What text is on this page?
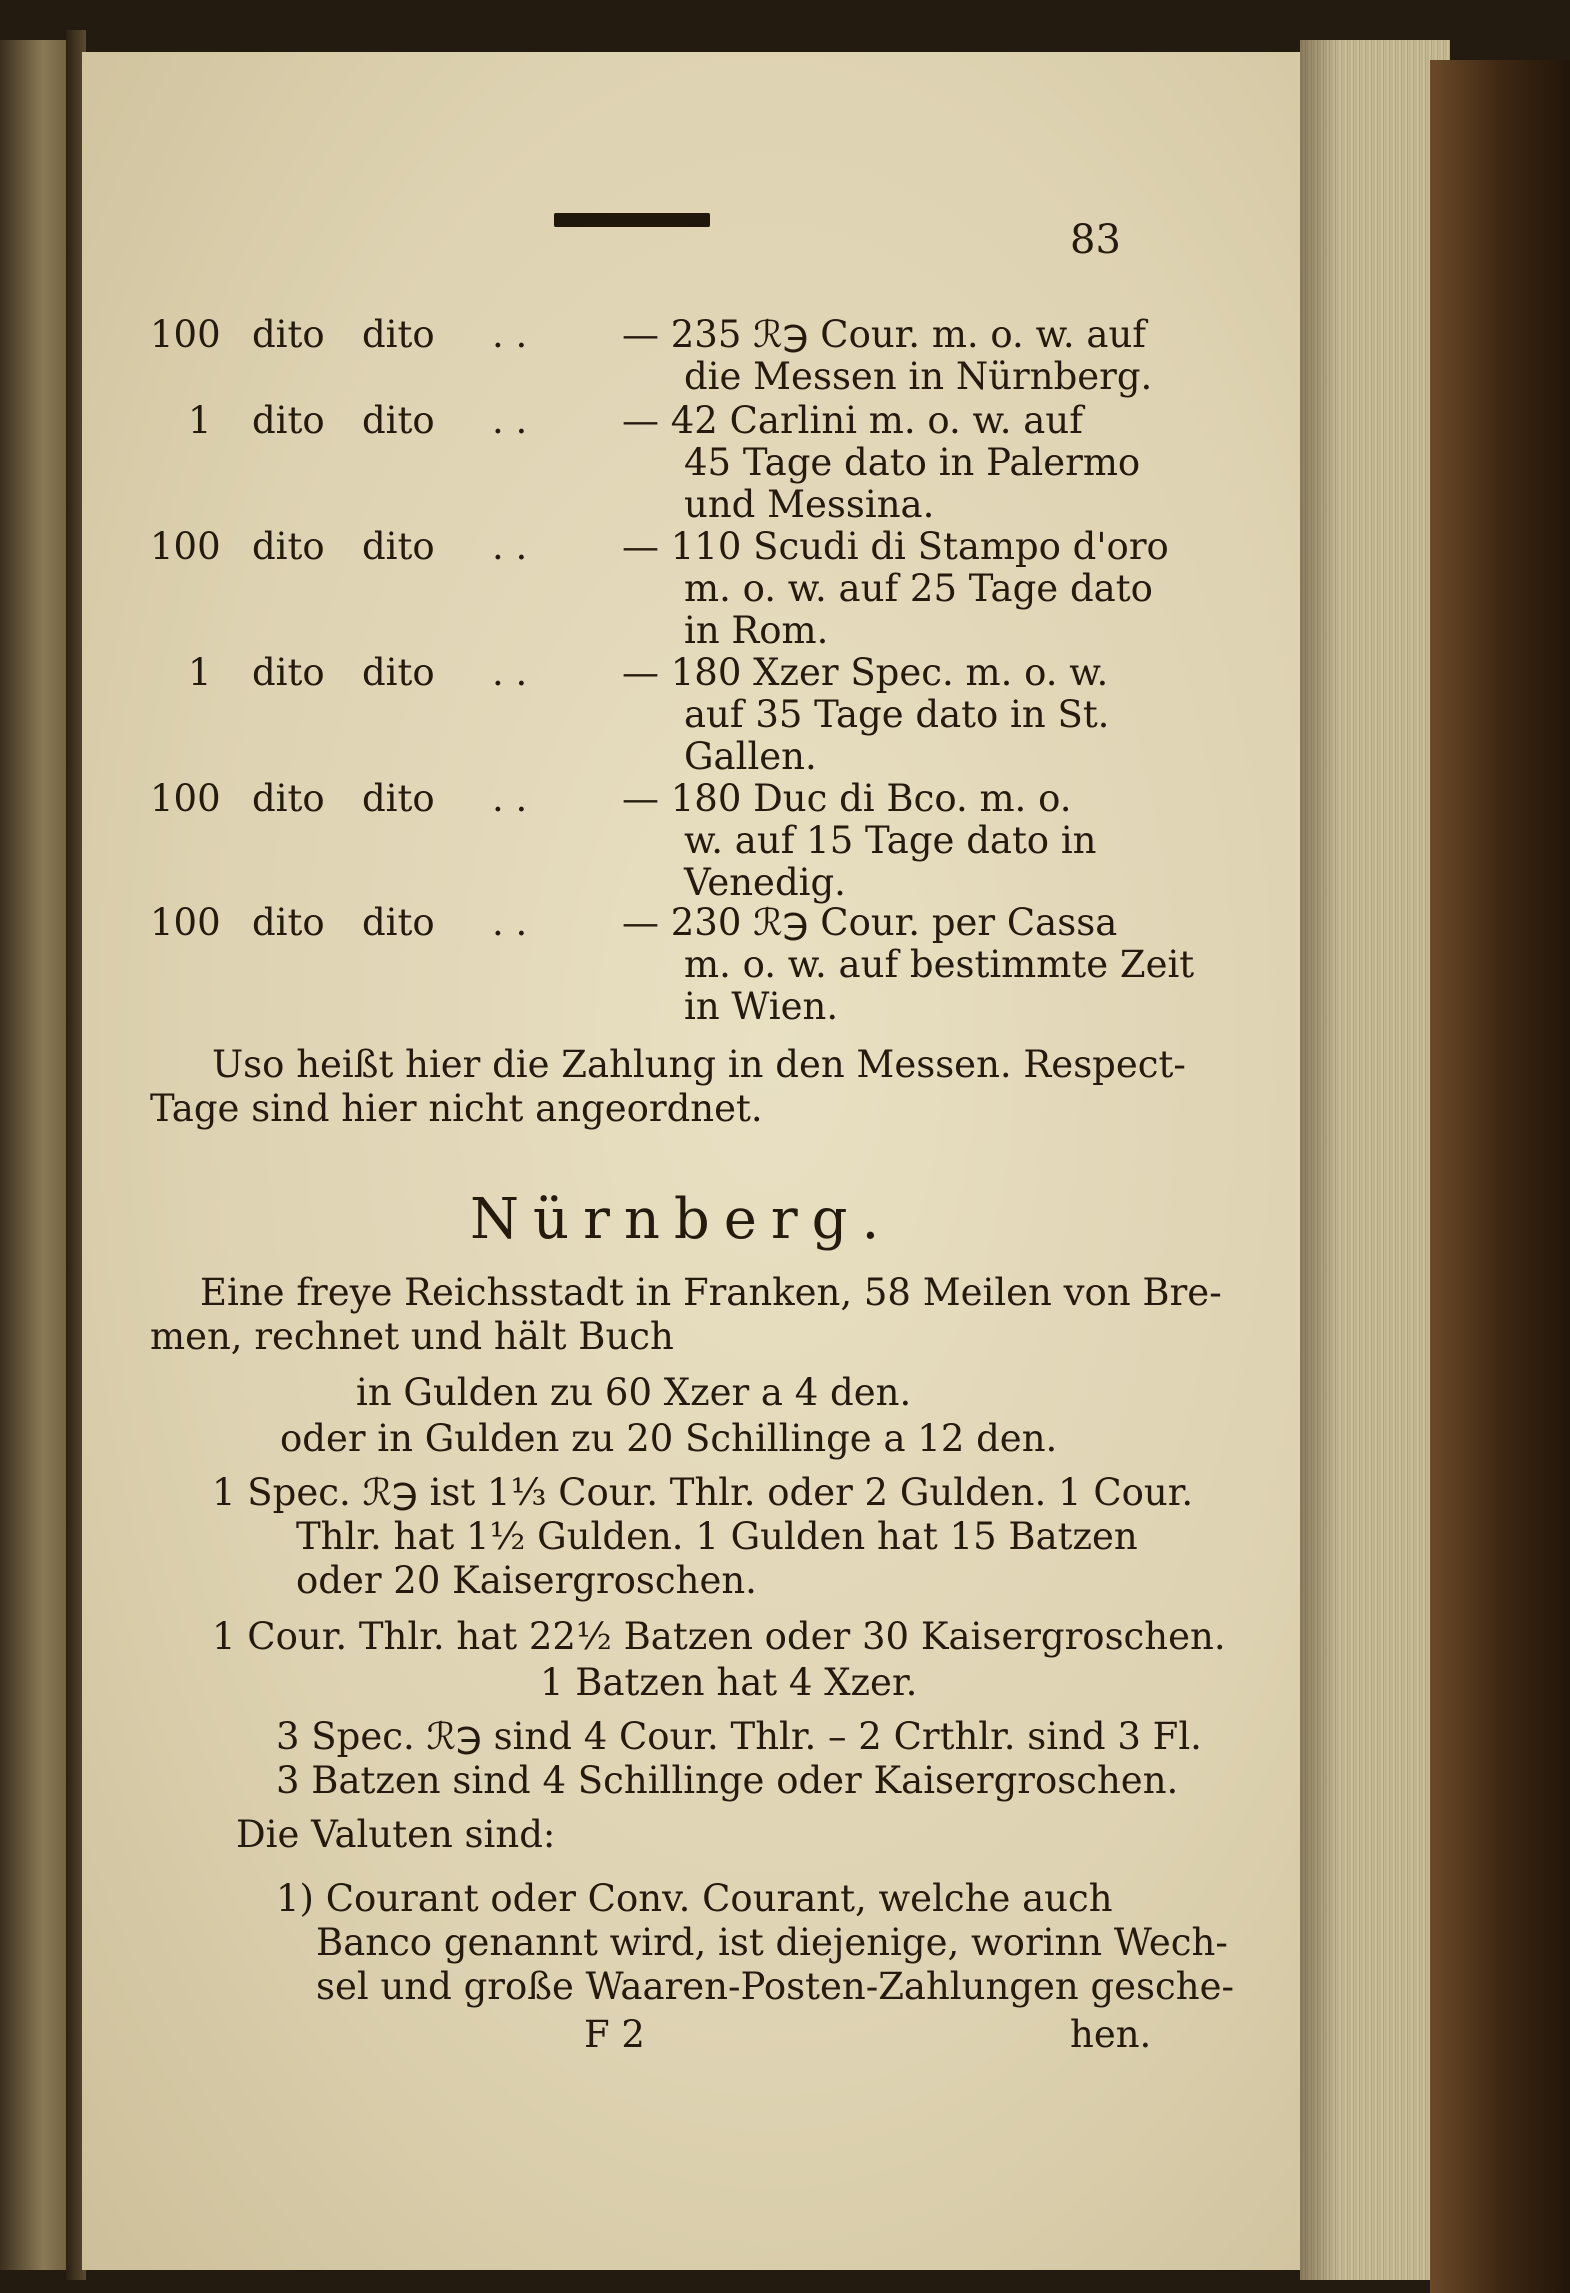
83
100 dito dito . .	— 235 ℛ℈ Cour. m. o. w. auf
die Messen in Nürnberg.
1 dito dito . .	— 42 Carlini m. o. w. auf
45 Tage dato in Palermo
und Messina.
100 dito dito . .	— 110 Scudi di Stampo d'oro
m. o. w. auf 25 Tage dato
in Rom.
1 dito dito . .	— 180 Xzer Spec. m. o. w.
auf 35 Tage dato in St.
Gallen.
100 dito dito . .	— 180 Duc di Bco. m. o.
w. auf 15 Tage dato in
Venedig.
100 dito dito . .	— 230 ℛ℈ Cour. per Cassa
m. o. w. auf bestimmte Zeit
in Wien.
Uso heißt hier die Zahlung in den Messen. Respect-
Tage sind hier nicht angeordnet.
Nürnberg.
Eine freye Reichsstadt in Franken, 58 Meilen von Bre-
men, rechnet und hält Buch
in Gulden zu 60 Xzer a 4 den.
oder in Gulden zu 20 Schillinge a 12 den.
1 Spec. ℛ℈ ist 1⅓ Cour. Thlr. oder 2 Gulden. 1 Cour.
Thlr. hat 1½ Gulden. 1 Gulden hat 15 Batzen
oder 20 Kaisergroschen.
1 Cour. Thlr. hat 22½ Batzen oder 30 Kaisergroschen.
1 Batzen hat 4 Xzer.
3 Spec. ℛ℈ sind 4 Cour. Thlr. – 2 Crthlr. sind 3 Fl.
3 Batzen sind 4 Schillinge oder Kaisergroschen.
Die Valuten sind:
1) Courant oder Conv. Courant, welche auch
Banco genannt wird, ist diejenige, worinn Wech-
sel und große Waaren-Posten-Zahlungen gesche-
F 2	hen.
